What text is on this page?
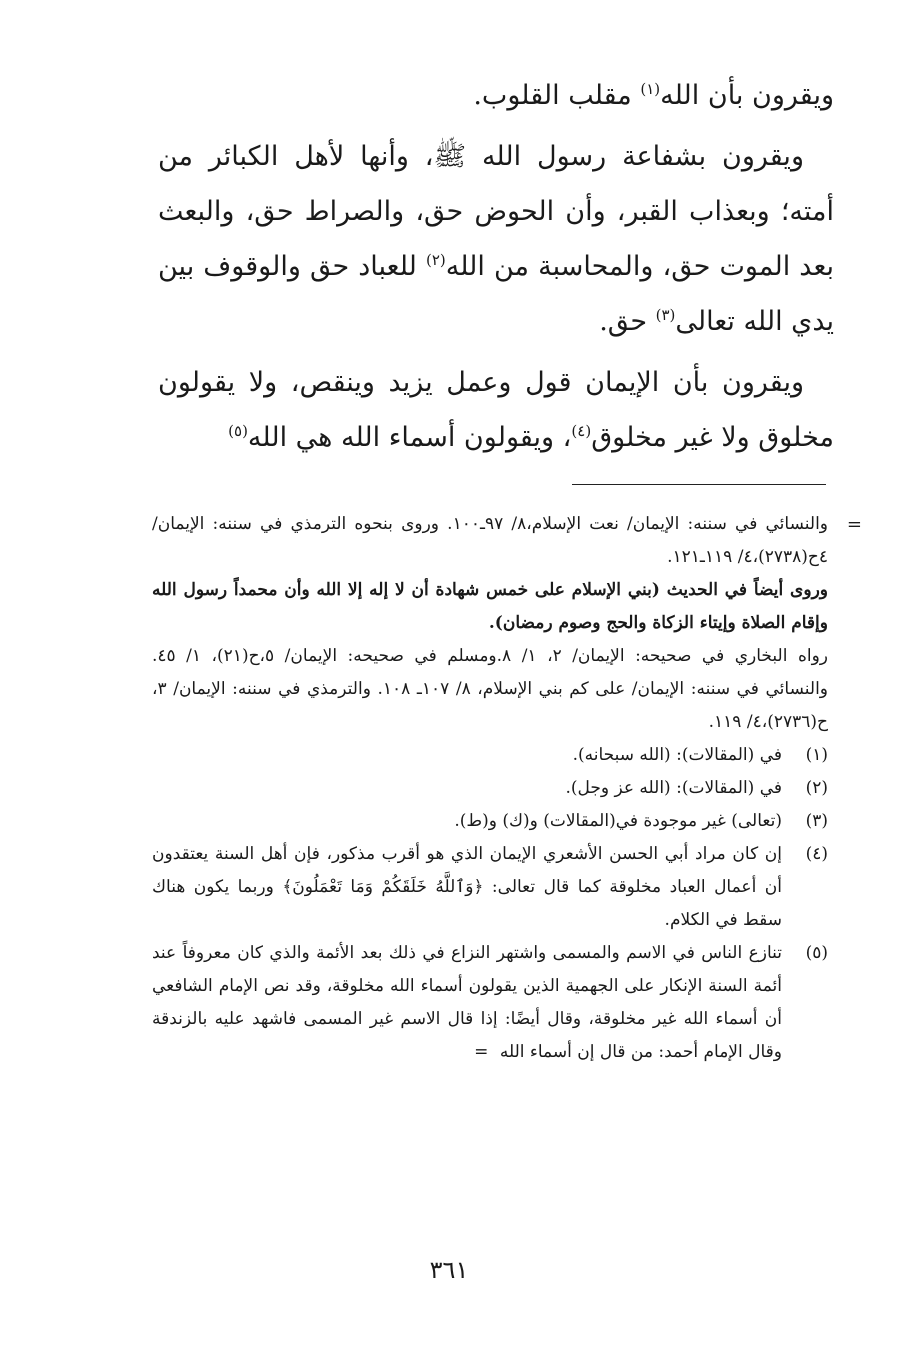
ويقرون بأن الله$^{(١)}$ مقلب القلوب.

ويقرون بشفاعة رسول الله ﷺ، وأنها لأهل الكبائر من أمته؛ وبعذاب القبر، وأن الحوض حق، والصراط حق، والبعث بعد الموت حق، والمحاسبة من الله$^{(٢)}$ للعباد حق والوقوف بين يدي الله تعالى$^{(٣)}$ حق.

ويقرون بأن الإيمان قول وعمل يزيد وينقص، ولا يقولون مخلوق ولا غير مخلوق$^{(٤)}$، ويقولون أسماء الله هي الله$^{(٥)}$

=

والنسائي في سننه: الإيمان/ نعت الإسلام،٨/ ٩٧ـ١٠٠. وروى بنحوه الترمذي في سننه: الإيمان/ ٤ح(٢٧٣٨)،٤/ ١١٩ـ١٢١.

وروى أيضاً في الحديث (بني الإسلام على خمس شهادة أن لا إله إلا الله وأن محمداً رسول الله وإقام الصلاة وإيتاء الزكاة والحج وصوم رمضان).

رواه البخاري في صحيحه: الإيمان/ ٢، ١/ ٨.ومسلم في صحيحه: الإيمان/ ٥،ح(٢١)، ١/ ٤٥. والنسائي في سننه: الإيمان/ على كم بني الإسلام، ٨/ ١٠٧ـ ١٠٨. والترمذي في سننه: الإيمان/ ٣، ح(٢٧٣٦)،٤/ ١١٩.

(١)
في (المقالات): (الله سبحانه).

(٢)
في (المقالات): (الله عز وجل).

(٣)
(تعالى) غير موجودة في(المقالات) و(ك) و(ط).

(٤)
إن كان مراد أبي الحسن الأشعري الإيمان الذي هو أقرب مذكور، فإن أهل السنة يعتقدون أن أعمال العباد مخلوقة كما قال تعالى: ﴿وَٱللَّهُ خَلَقَكُمْ وَمَا تَعْمَلُونَ﴾ وربما يكون هناك سقط في الكلام.

(٥)
تنازع الناس في الاسم والمسمى واشتهر النزاع في ذلك بعد الأئمة والذي كان معروفاً عند أئمة السنة الإنكار على الجهمية الذين يقولون أسماء الله مخلوقة، وقد نص الإمام الشافعي أن أسماء الله غير مخلوقة، وقال أيضًا: إذا قال الاسم غير المسمى فاشهد عليه بالزندقة وقال الإمام أحمد: من قال إن أسماء الله =

٣٦١
